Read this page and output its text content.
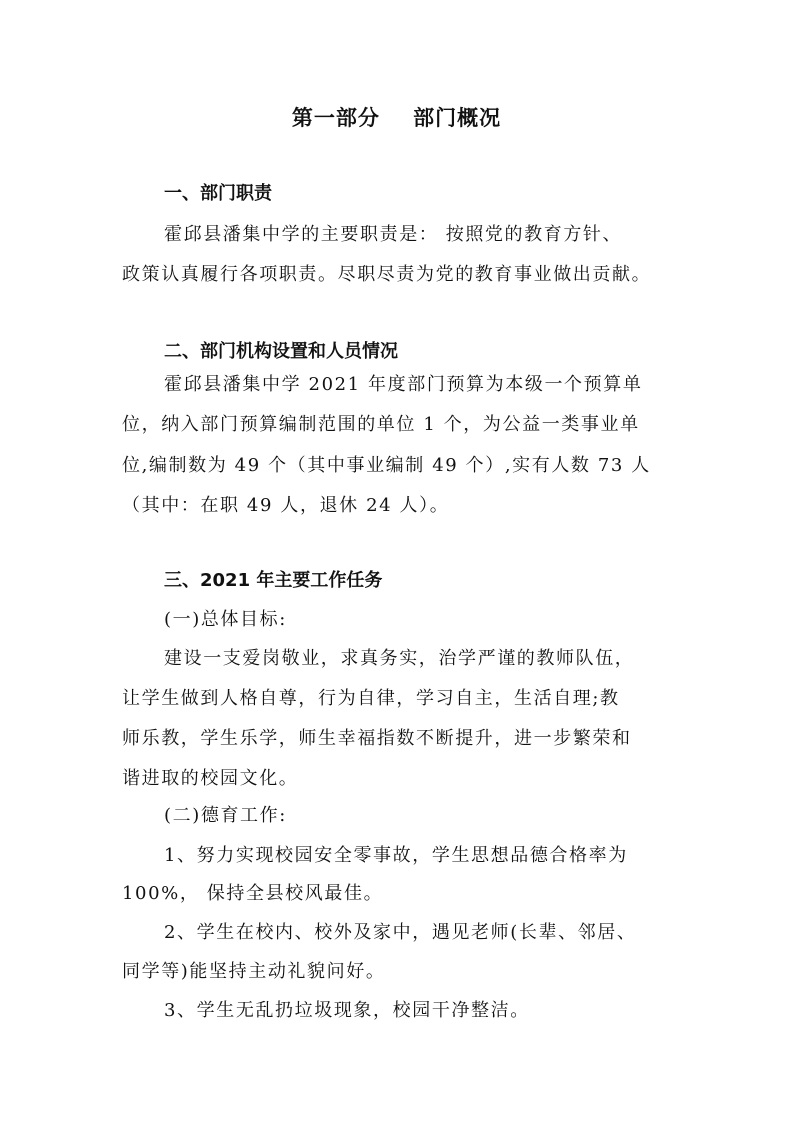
第一部分    部门概况
一、部门职责
霍邱县潘集中学的主要职责是： 按照党的教育方针、
政策认真履行各项职责。尽职尽责为党的教育事业做出贡献。
二、部门机构设置和人员情况
霍邱县潘集中学 2021 年度部门预算为本级一个预算单
位，纳入部门预算编制范围的单位 1 个，为公益一类事业单
位,编制数为 49 个（其中事业编制 49 个）,实有人数 73 人
（其中：在职 49 人，退休 24 人）。
三、2021 年主要工作任务
(一)总体目标:
建设一支爱岗敬业，求真务实，治学严谨的教师队伍，
让学生做到人格自尊，行为自律，学习自主，生活自理;教
师乐教，学生乐学，师生幸福指数不断提升，进一步繁荣和
谐进取的校园文化。
(二)德育工作:
1、努力实现校园安全零事故，学生思想品德合格率为
100%， 保持全县校风最佳。
2、学生在校内、校外及家中，遇见老师(长辈、邻居、
同学等)能坚持主动礼貌问好。
3、学生无乱扔垃圾现象，校园干净整洁。
